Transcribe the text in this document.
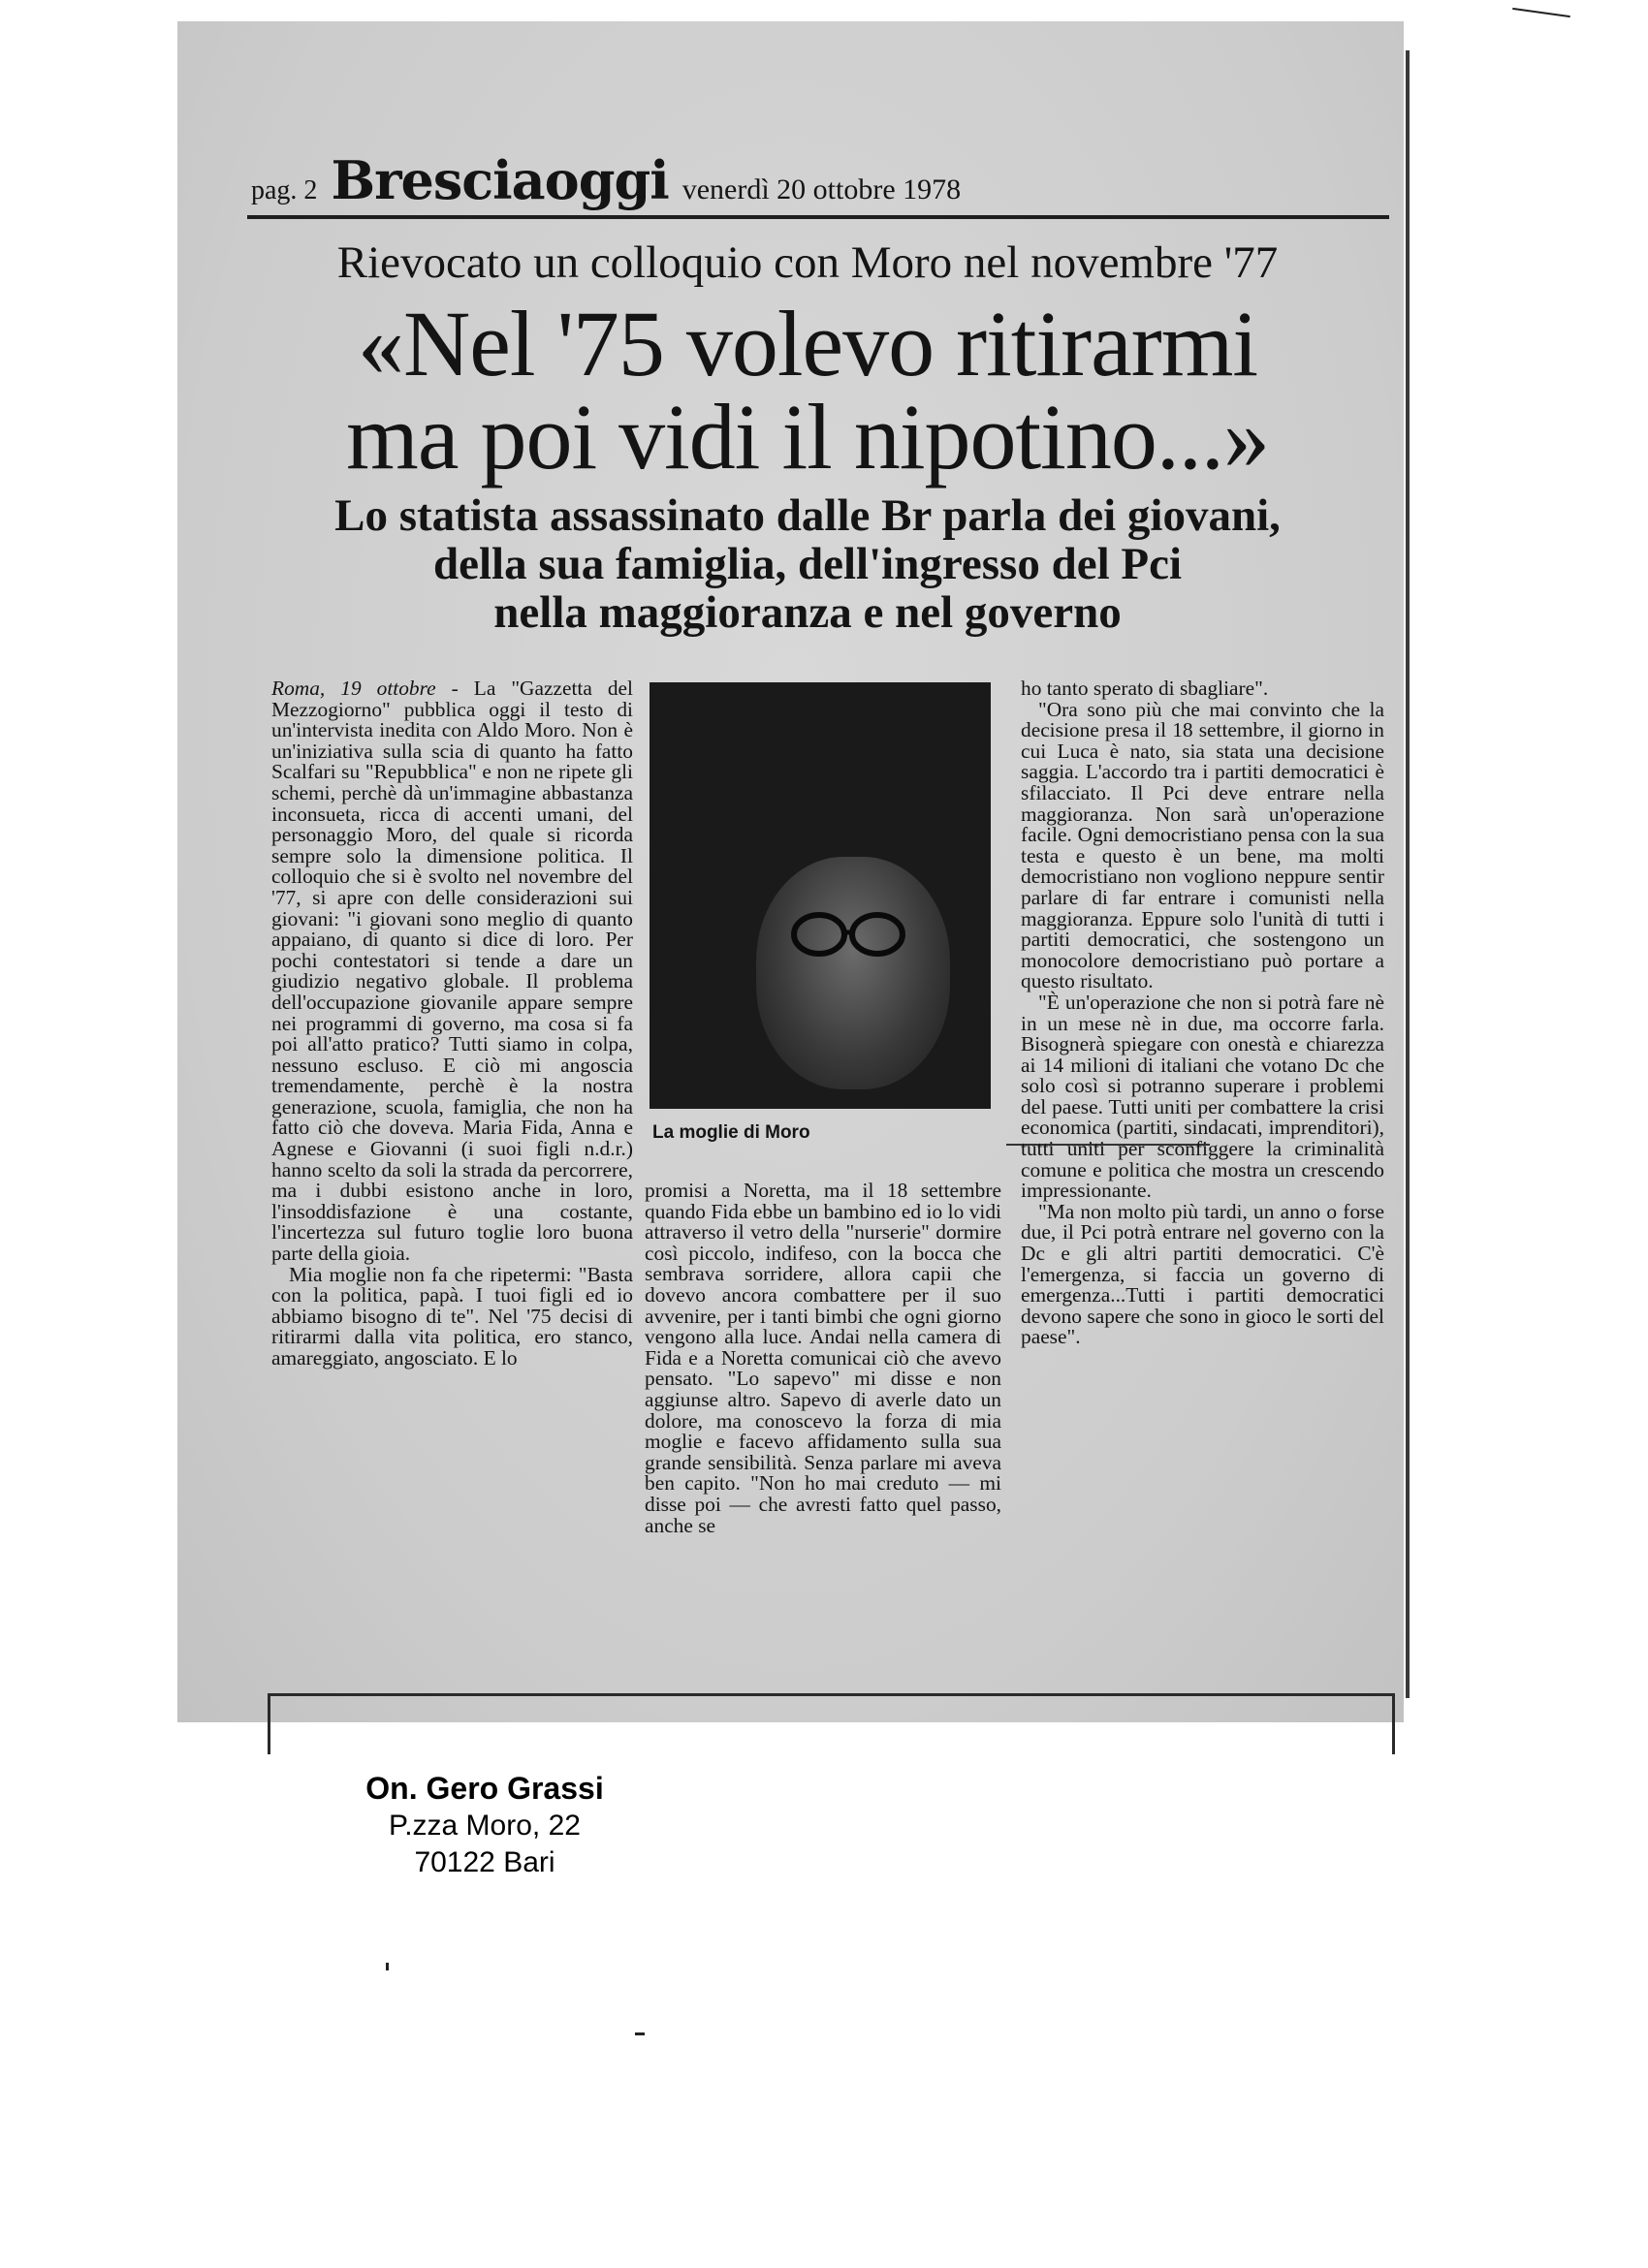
pag. 2 Bresciaoggi venerdì 20 ottobre 1978
Rievocato un colloquio con Moro nel novembre '77
«Nel '75 volevo ritirarmi
ma poi vidi il nipotino...»
Lo statista assassinato dalle Br parla dei giovani,
della sua famiglia, dell'ingresso del Pci
nella maggioranza e nel governo

Roma, 19 ottobre - La "Gazzetta del Mezzogiorno" pubblica oggi il testo di un'intervista inedita con Aldo Moro. Non è un'iniziativa sulla scia di quanto ha fatto Scalfari su "Repubblica" e non ne ripete gli schemi, perchè dà un'immagine abbastanza inconsueta, ricca di accenti umani, del personaggio Moro, del quale si ricorda sempre solo la dimensione politica. Il colloquio che si è svolto nel novembre del '77, si apre con delle considerazioni sui giovani: "i giovani sono meglio di quanto appaiano, di quanto si dice di loro. Per pochi contestatori si tende a dare un giudizio negativo globale. Il problema dell'occupazione giovanile appare sempre nei programmi di governo, ma cosa si fa poi all'atto pratico? Tutti siamo in colpa, nessuno escluso. E ciò mi angoscia tremendamente, perchè è la nostra generazione, scuola, famiglia, che non ha fatto ciò che doveva. Maria Fida, Anna e Agnese e Giovanni (i suoi figli n.d.r.) hanno scelto da soli la strada da percorrere, ma i dubbi esistono anche in loro, l'insoddisfazione è una costante, l'incertezza sul futuro toglie loro buona parte della gioia.

Mia moglie non fa che ripetermi: "Basta con la politica, papà. I tuoi figli ed io abbiamo bisogno di te". Nel '75 decisi di ritirarmi dalla vita politica, ero stanco, amareggiato, angosciato. E lo

La moglie di Moro

promisi a Noretta, ma il 18 settembre quando Fida ebbe un bambino ed io lo vidi attraverso il vetro della "nurserie" dormire così piccolo, indifeso, con la bocca che sembrava sorridere, allora capii che dovevo ancora combattere per il suo avvenire, per i tanti bimbi che ogni giorno vengono alla luce. Andai nella camera di Fida e a Noretta comunicai ciò che avevo pensato. "Lo sapevo" mi disse e non aggiunse altro. Sapevo di averle dato un dolore, ma conoscevo la forza di mia moglie e facevo affidamento sulla sua grande sensibilità. Senza parlare mi aveva ben capito. "Non ho mai creduto — mi disse poi — che avresti fatto quel passo, anche se

ho tanto sperato di sbagliare".

"Ora sono più che mai convinto che la decisione presa il 18 settembre, il giorno in cui Luca è nato, sia stata una decisione saggia. L'accordo tra i partiti democratici è sfilacciato. Il Pci deve entrare nella maggioranza. Non sarà un'operazione facile. Ogni democristiano pensa con la sua testa e questo è un bene, ma molti democristiano non vogliono neppure sentir parlare di far entrare i comunisti nella maggioranza. Eppure solo l'unità di tutti i partiti democratici, che sostengono un monocolore democristiano può portare a questo risultato.

"È un'operazione che non si potrà fare nè in un mese nè in due, ma occorre farla. Bisognerà spiegare con onestà e chiarezza ai 14 milioni di italiani che votano Dc che solo così si potranno superare i problemi del paese. Tutti uniti per combattere la crisi economica (partiti, sindacati, imprenditori), tutti uniti per sconfiggere la criminalità comune e politica che mostra un crescendo impressionante.

"Ma non molto più tardi, un anno o forse due, il Pci potrà entrare nel governo con la Dc e gli altri partiti democratici. C'è l'emergenza, si faccia un governo di emergenza...Tutti i partiti democratici devono sapere che sono in gioco le sorti del paese".

On. Gero Grassi
P.zza Moro, 22
70122 Bari
